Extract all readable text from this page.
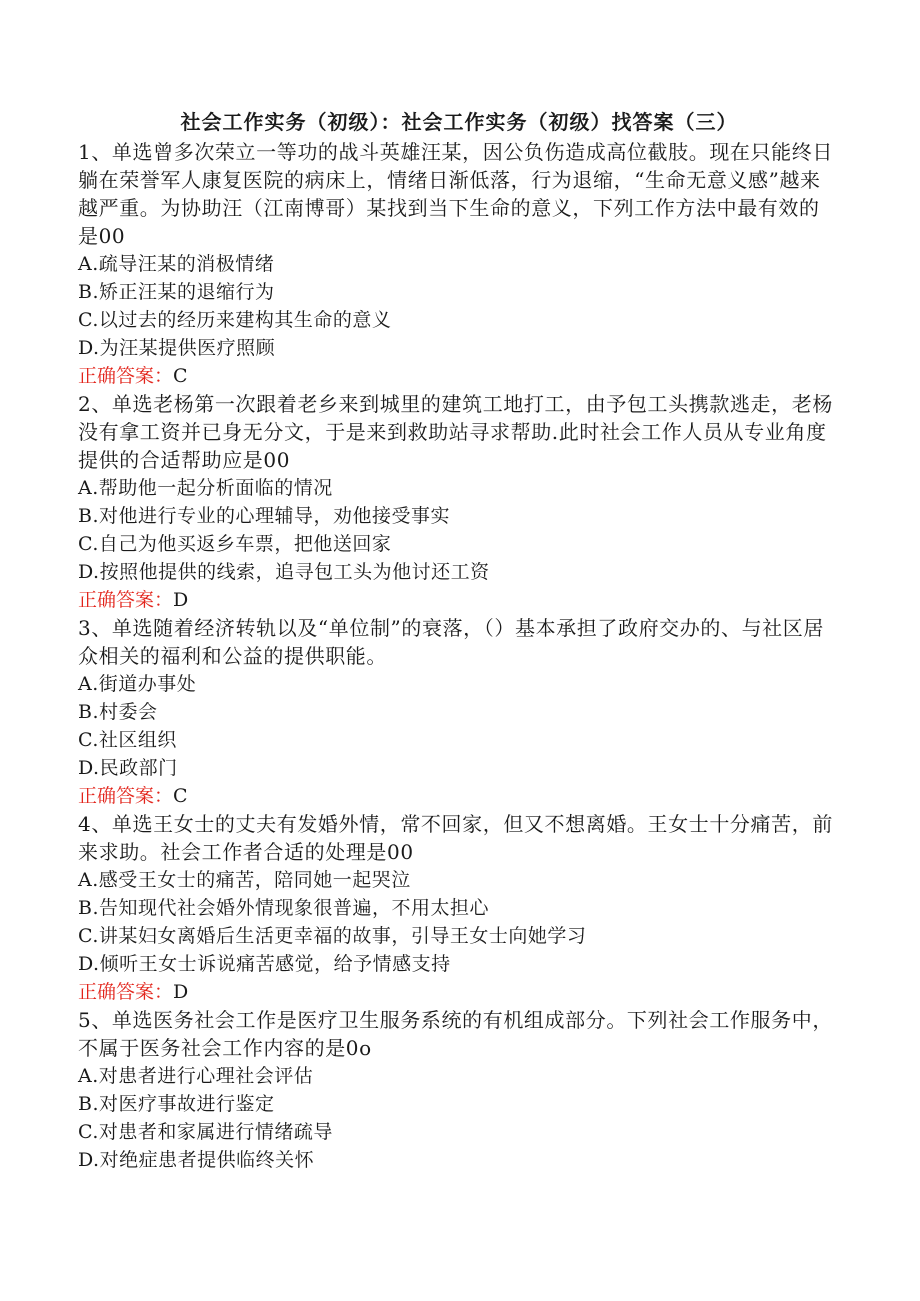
社会工作实务（初级）：社会工作实务（初级）找答案（三）

1、单选曾多次荣立一等功的战斗英雄汪某，因公负伤造成高位截肢。现在只能终日躺在荣誉军人康复医院的病床上，情绪日渐低落，行为退缩，“生命无意义感”越来越严重。为协助汪（江南博哥）某找到当下生命的意义，下列工作方法中最有效的是00

A.疏导汪某的消极情绪
B.矫正汪某的退缩行为
C.以过去的经历来建构其生命的意义
D.为汪某提供医疗照顾

正确答案：C

2、单选老杨第一次跟着老乡来到城里的建筑工地打工，由予包工头携款逃走，老杨没有拿工资并已身无分文，于是来到救助站寻求帮助.此时社会工作人员从专业角度提供的合适帮助应是00

A.帮助他一起分析面临的情况
B.对他进行专业的心理辅导，劝他接受事实
C.自己为他买返乡车票，把他送回家
D.按照他提供的线索，追寻包工头为他讨还工资

正确答案：D

3、单选随着经济转轨以及“单位制”的衰落，（）基本承担了政府交办的、与社区居众相关的福利和公益的提供职能。

A.街道办事处
B.村委会
C.社区组织
D.民政部门

正确答案：C

4、单选王女士的丈夫有发婚外情，常不回家，但又不想离婚。王女士十分痛苦，前来求助。社会工作者合适的处理是00

A.感受王女士的痛苦，陪同她一起哭泣
B.告知现代社会婚外情现象很普遍，不用太担心
C.讲某妇女离婚后生活更幸福的故事，引导王女士向她学习
D.倾听王女士诉说痛苦感觉，给予情感支持

正确答案：D

5、单选医务社会工作是医疗卫生服务系统的有机组成部分。下列社会工作服务中，不属于医务社会工作内容的是0o

A.对患者进行心理社会评估
B.对医疗事故进行鉴定
C.对患者和家属进行情绪疏导
D.对绝症患者提供临终关怀
